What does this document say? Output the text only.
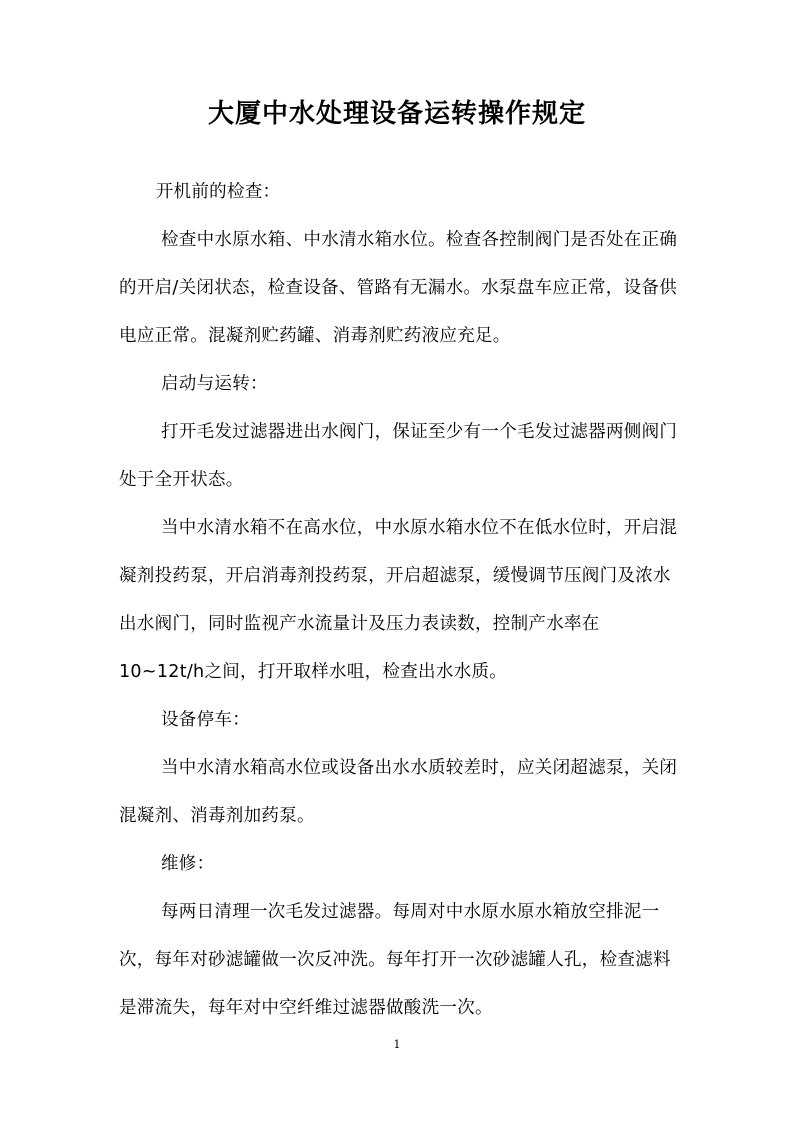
大厦中水处理设备运转操作规定

开机前的检查：

检查中水原水箱、中水清水箱水位。检查各控制阀门是否处在正确的开启/关闭状态，检查设备、管路有无漏水。水泵盘车应正常，设备供电应正常。混凝剂贮药罐、消毒剂贮药液应充足。

启动与运转：

打开毛发过滤器进出水阀门，保证至少有一个毛发过滤器两侧阀门处于全开状态。

当中水清水箱不在高水位，中水原水箱水位不在低水位时，开启混凝剂投药泵，开启消毒剂投药泵，开启超滤泵，缓慢调节压阀门及浓水出水阀门，同时监视产水流量计及压力表读数，控制产水率在10~12t/h之间，打开取样水咀，检查出水水质。

设备停车：

当中水清水箱高水位或设备出水水质较差时，应关闭超滤泵，关闭混凝剂、消毒剂加药泵。

维修：

每两日清理一次毛发过滤器。每周对中水原水原水箱放空排泥一次，每年对砂滤罐做一次反冲洗。每年打开一次砂滤罐人孔，检查滤料是滞流失，每年对中空纤维过滤器做酸洗一次。

1
